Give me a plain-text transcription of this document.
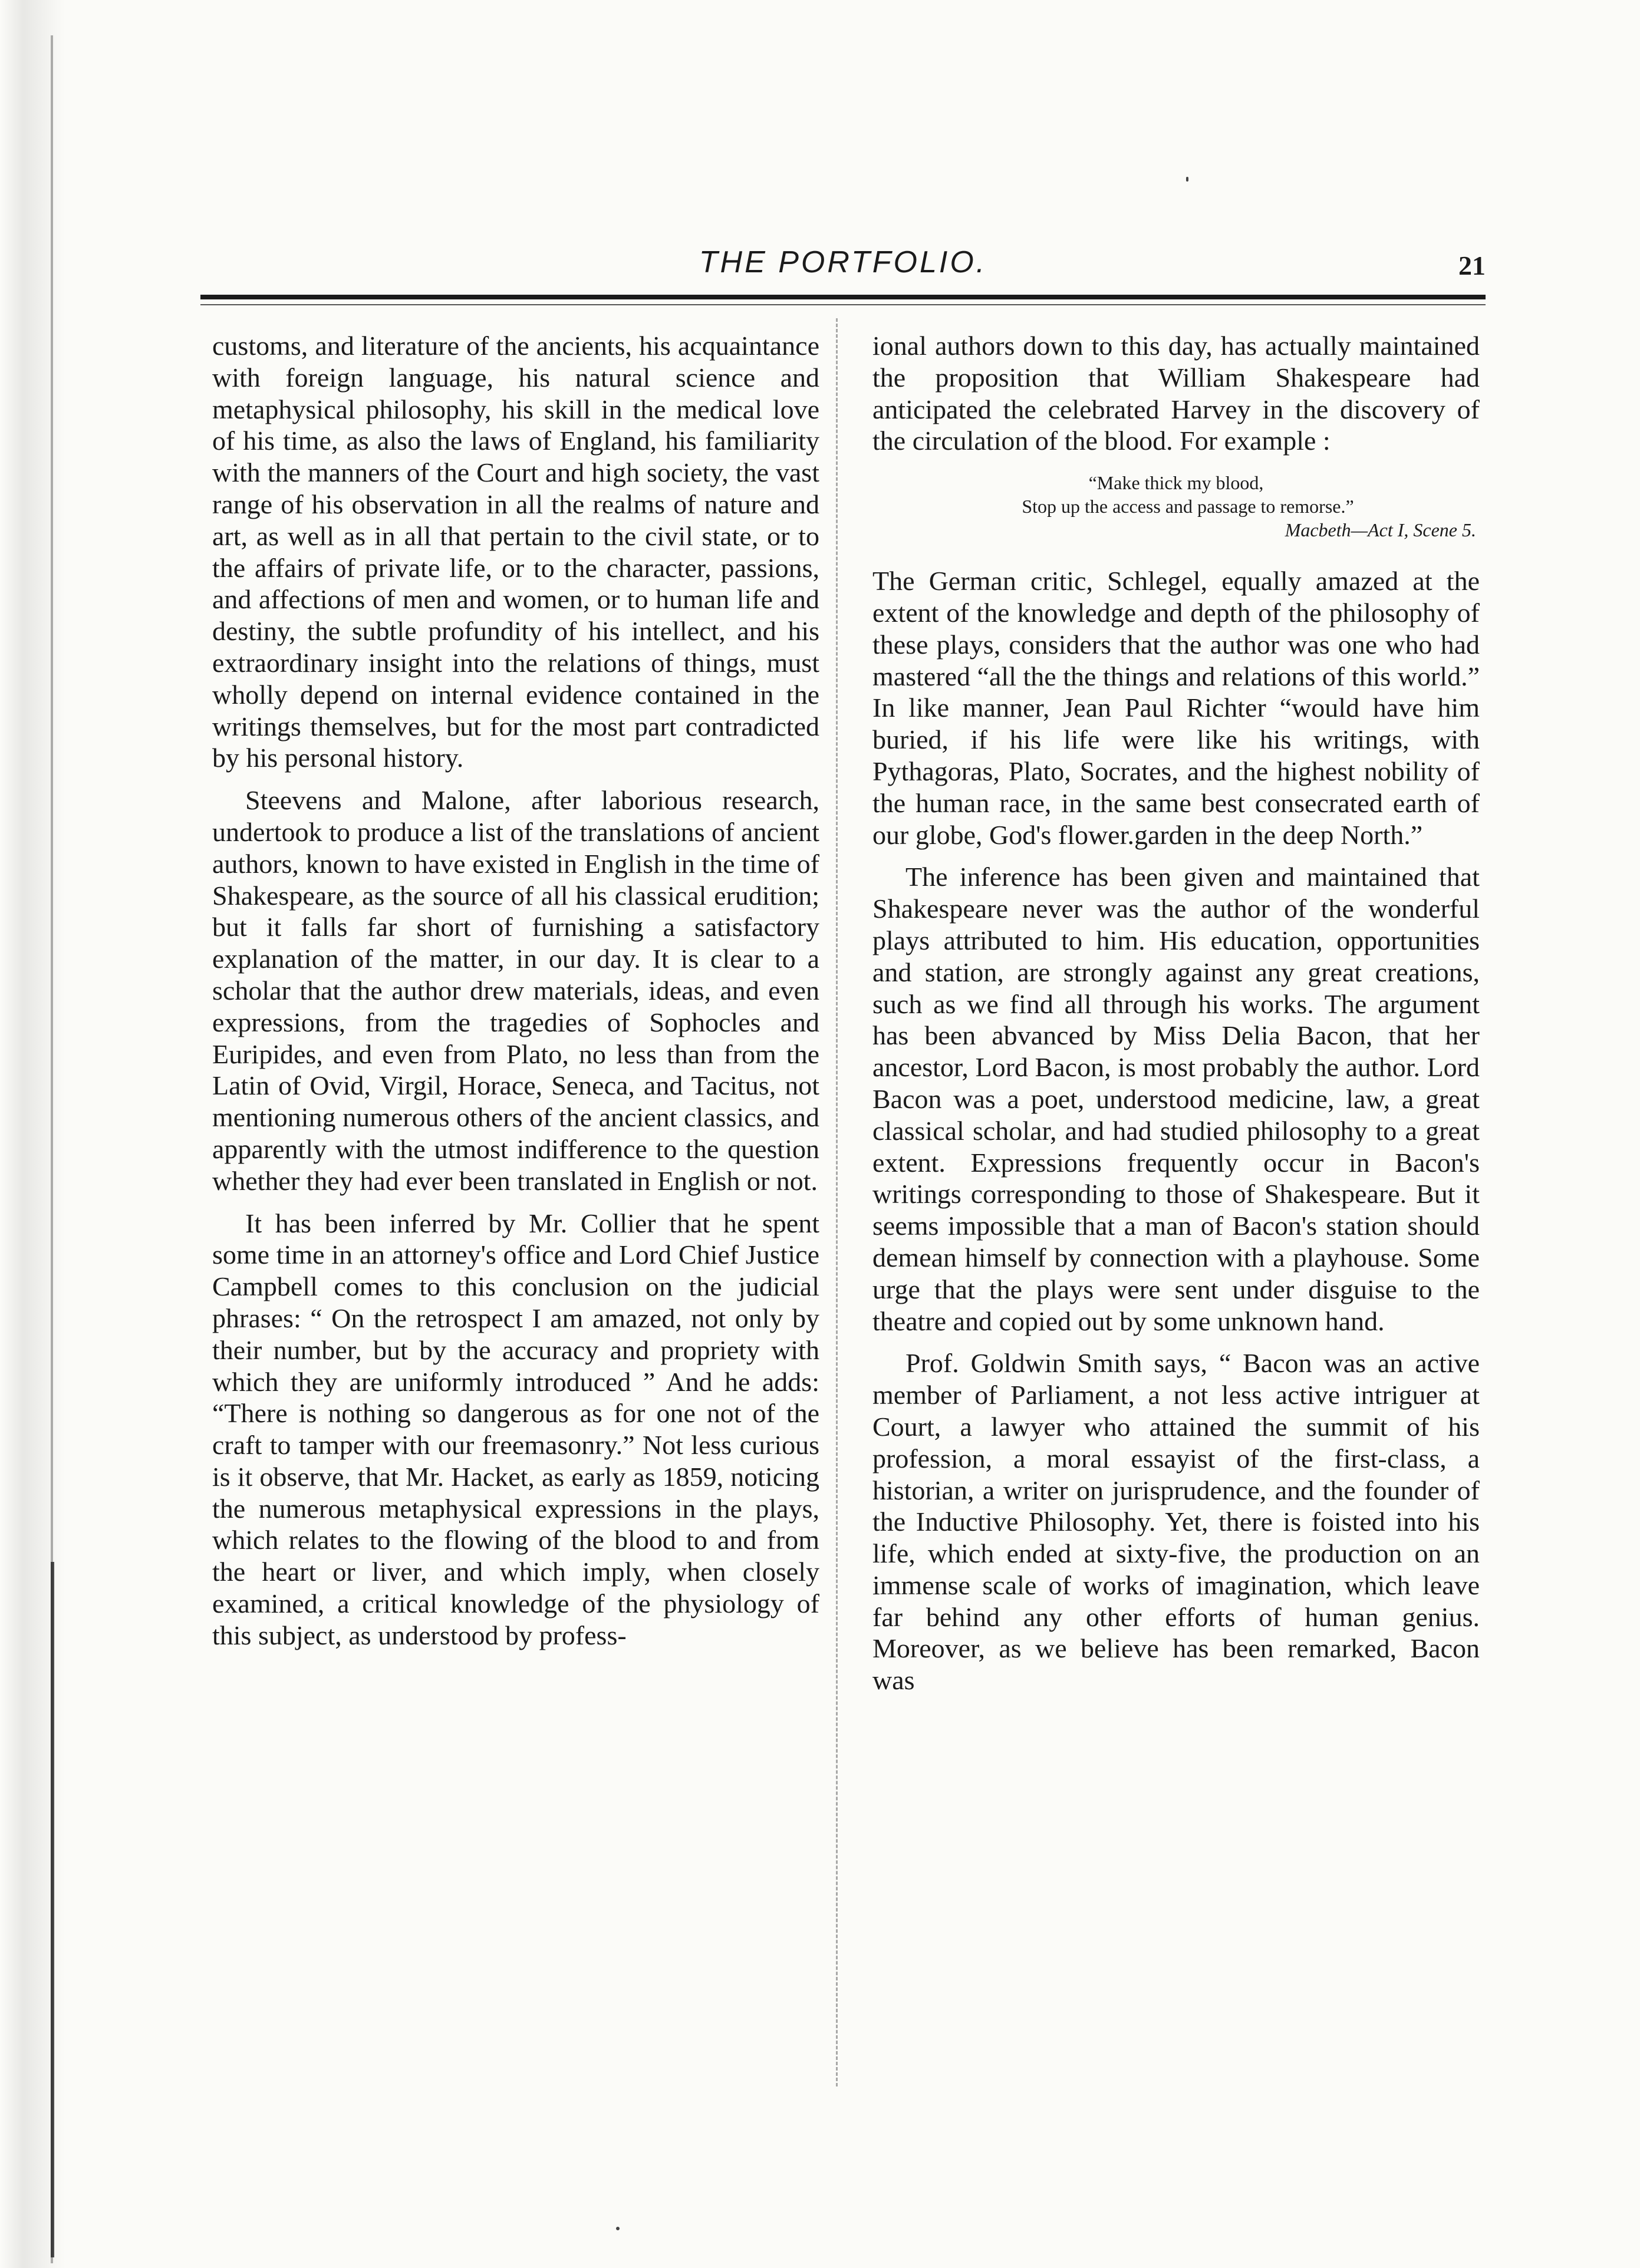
THE PORTFOLIO.	21

customs, and literature of the ancients, his acquaintance with foreign language, his natural science and metaphysical philosophy, his skill in the medical love of his time, as also the laws of England, his familiarity with the manners of the Court and high society, the vast range of his observation in all the realms of nature and art, as well as in all that pertain to the civil state, or to the affairs of private life, or to the character, passions, and affections of men and women, or to human life and destiny, the subtle profundity of his intellect, and his extraordinary insight into the relations of things, must wholly depend on internal evidence contained in the writings themselves, but for the most part contradicted by his personal history.

Steevens and Malone, after laborious research, undertook to produce a list of the translations of ancient authors, known to have existed in English in the time of Shakespeare, as the source of all his classical erudition; but it falls far short of furnishing a satisfactory explanation of the matter, in our day. It is clear to a scholar that the author drew materials, ideas, and even expressions, from the tragedies of Sophocles and Euripides, and even from Plato, no less than from the Latin of Ovid, Virgil, Horace, Seneca, and Tacitus, not mentioning numerous others of the ancient classics, and apparently with the utmost indifference to the question whether they had ever been translated in English or not.

It has been inferred by Mr. Collier that he spent some time in an attorney's office and Lord Chief Justice Campbell comes to this conclusion on the judicial phrases: “ On the retrospect I am amazed, not only by their number, but by the accuracy and propriety with which they are uniformly introduced ” And he adds: “There is nothing so dangerous as for one not of the craft to tamper with our freemasonry.” Not less curious is it observe, that Mr. Hacket, as early as 1859, noticing the numerous metaphysical expressions in the plays, which relates to the flowing of the blood to and from the heart or liver, and which imply, when closely examined, a critical knowledge of the physiology of this subject, as understood by profess-

ional authors down to this day, has actually maintained the proposition that William Shakespeare had anticipated the celebrated Harvey in the discovery of the circulation of the blood. For example :

“Make thick my blood,
Stop up the access and passage to remorse.”
Macbeth—Act I, Scene 5.

The German critic, Schlegel, equally amazed at the extent of the knowledge and depth of the philosophy of these plays, considers that the author was one who had mastered “all the the things and relations of this world.” In like manner, Jean Paul Richter “would have him buried, if his life were like his writings, with Pythagoras, Plato, Socrates, and the highest nobility of the human race, in the same best consecrated earth of our globe, God's flower.garden in the deep North.”

The inference has been given and maintained that Shakespeare never was the author of the wonderful plays attributed to him. His education, opportunities and station, are strongly against any great creations, such as we find all through his works. The argument has been abvanced by Miss Delia Bacon, that her ancestor, Lord Bacon, is most probably the author. Lord Bacon was a poet, understood medicine, law, a great classical scholar, and had studied philosophy to a great extent. Expressions frequently occur in Bacon's writings corresponding to those of Shakespeare. But it seems impossible that a man of Bacon's station should demean himself by connection with a playhouse. Some urge that the plays were sent under disguise to the theatre and copied out by some unknown hand.

Prof. Goldwin Smith says, “ Bacon was an active member of Parliament, a not less active intriguer at Court, a lawyer who attained the summit of his profession, a moral essayist of the first-class, a historian, a writer on jurisprudence, and the founder of the Inductive Philosophy. Yet, there is foisted into his life, which ended at sixty-five, the production on an immense scale of works of imagination, which leave far behind any other efforts of human genius. Moreover, as we believe has been remarked, Bacon was
